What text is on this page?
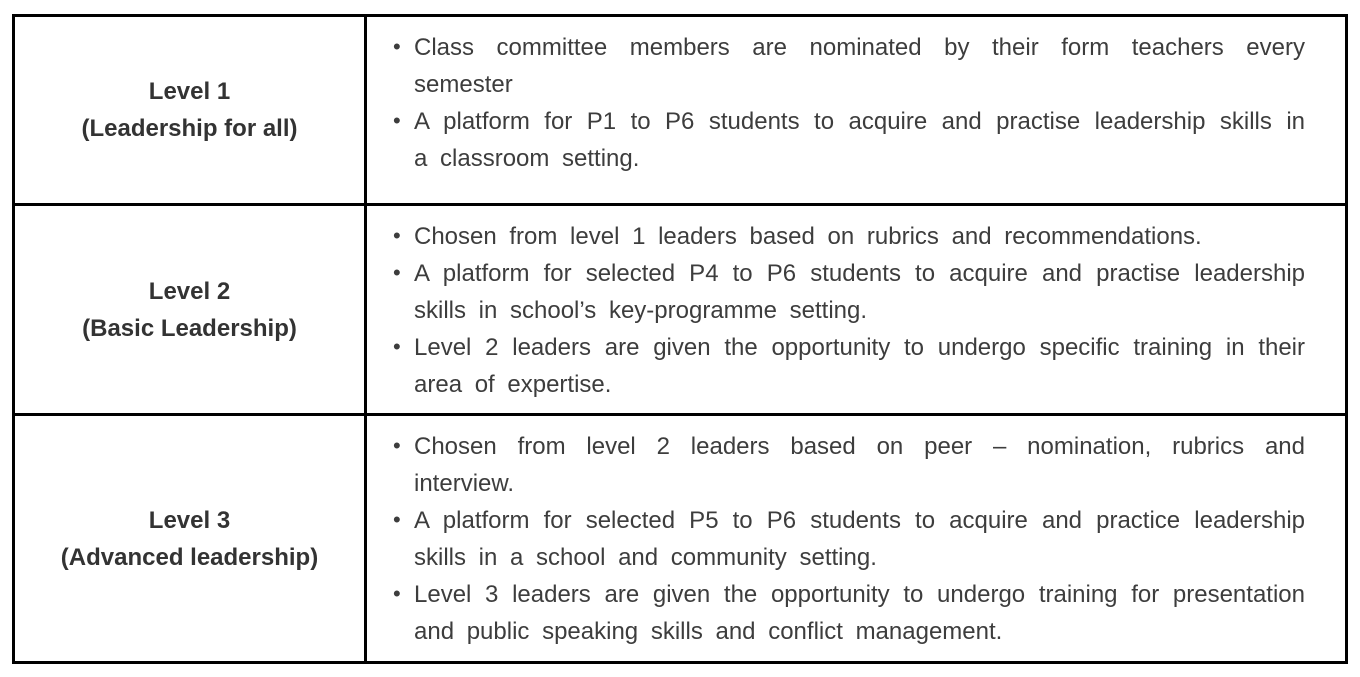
Level 1
(Leadership for all)
• Class committee members are nominated by their form teachers every semester
• A platform for P1 to P6 students to acquire and practise leadership skills in a classroom setting.
Level 2
(Basic Leadership)
• Chosen from level 1 leaders based on rubrics and recommendations.
• A platform for selected P4 to P6 students to acquire and practise leadership skills in school’s key-programme setting.
• Level 2 leaders are given the opportunity to undergo specific training in their area of expertise.
Level 3
(Advanced leadership)
• Chosen from level 2 leaders based on peer – nomination, rubrics and interview.
• A platform for selected P5 to P6 students to acquire and practice leadership skills in a school and community setting.
• Level 3 leaders are given the opportunity to undergo training for presentation and public speaking skills and conflict management.
